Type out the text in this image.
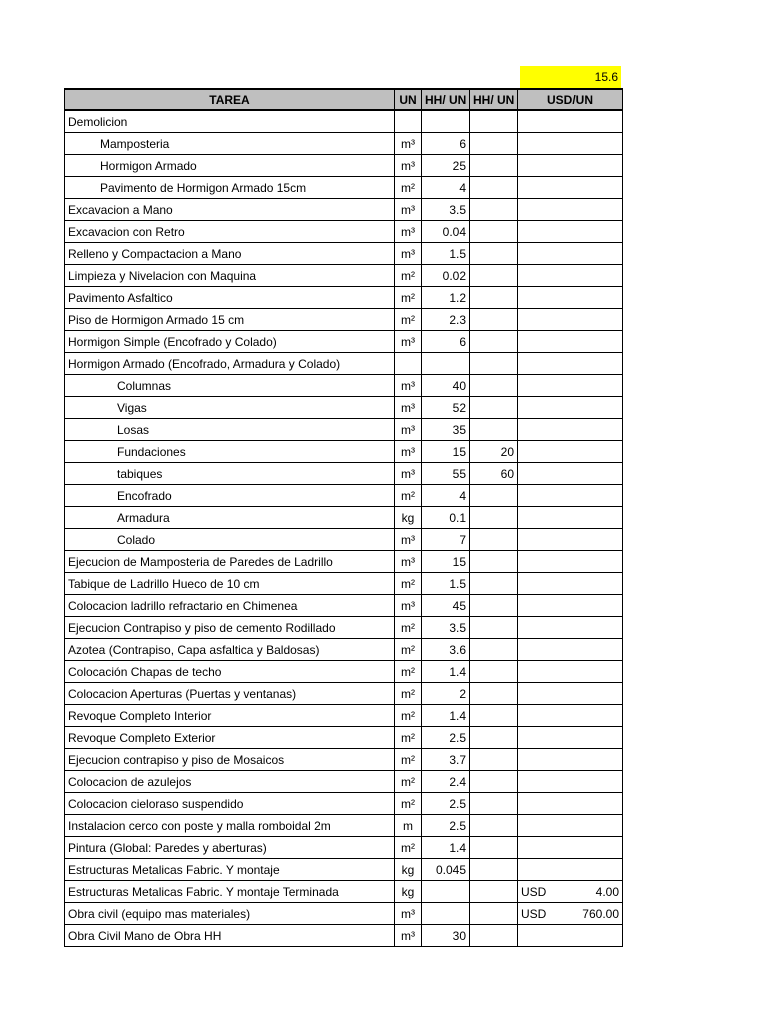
15.6
TAREA	UN	HH/ UN	HH/ UN	USD/UN
Demolicion				

Mamposteria	m³	6		

Hormigon Armado	m³	25		

Pavimento de Hormigon Armado 15cm	m²	4		

Excavacion a Mano	m³	3.5		

Excavacion con Retro	m³	0.04		

Relleno y Compactacion a Mano	m³	1.5		

Limpieza y Nivelacion con Maquina	m²	0.02		

Pavimento Asfaltico	m²	1.2		

Piso de Hormigon Armado 15 cm	m²	2.3		

Hormigon Simple (Encofrado y Colado)	m³	6		

Hormigon Armado (Encofrado, Armadura y Colado)				

Columnas	m³	40		

Vigas	m³	52		

Losas	m³	35		

Fundaciones	m³	15	20	

tabiques	m³	55	60	

Encofrado	m²	4		

Armadura	kg	0.1		

Colado	m³	7		

Ejecucion de Mamposteria de Paredes de Ladrillo	m³	15		

Tabique de Ladrillo Hueco de 10 cm	m²	1.5		

Colocacion ladrillo refractario en Chimenea	m³	45		

Ejecucion Contrapiso y piso de cemento Rodillado	m²	3.5		

Azotea (Contrapiso, Capa asfaltica y Baldosas)	m²	3.6		

Colocación Chapas de techo	m²	1.4		

Colocacion Aperturas (Puertas y ventanas)	m²	2		

Revoque Completo Interior	m²	1.4		

Revoque Completo Exterior	m²	2.5		

Ejecucion contrapiso y piso de Mosaicos	m²	3.7		

Colocacion de azulejos	m²	2.4		

Colocacion cieloraso suspendido	m²	2.5		

Instalacion cerco con poste y malla romboidal 2m	m	2.5		

Pintura (Global: Paredes y aberturas)	m²	1.4		

Estructuras Metalicas Fabric. Y montaje	kg	0.045		

Estructuras Metalicas Fabric. Y montaje Terminada	kg			USD 4.00
Obra civil (equipo mas materiales)	m³			USD 760.00
Obra Civil Mano de Obra HH	m³	30		
